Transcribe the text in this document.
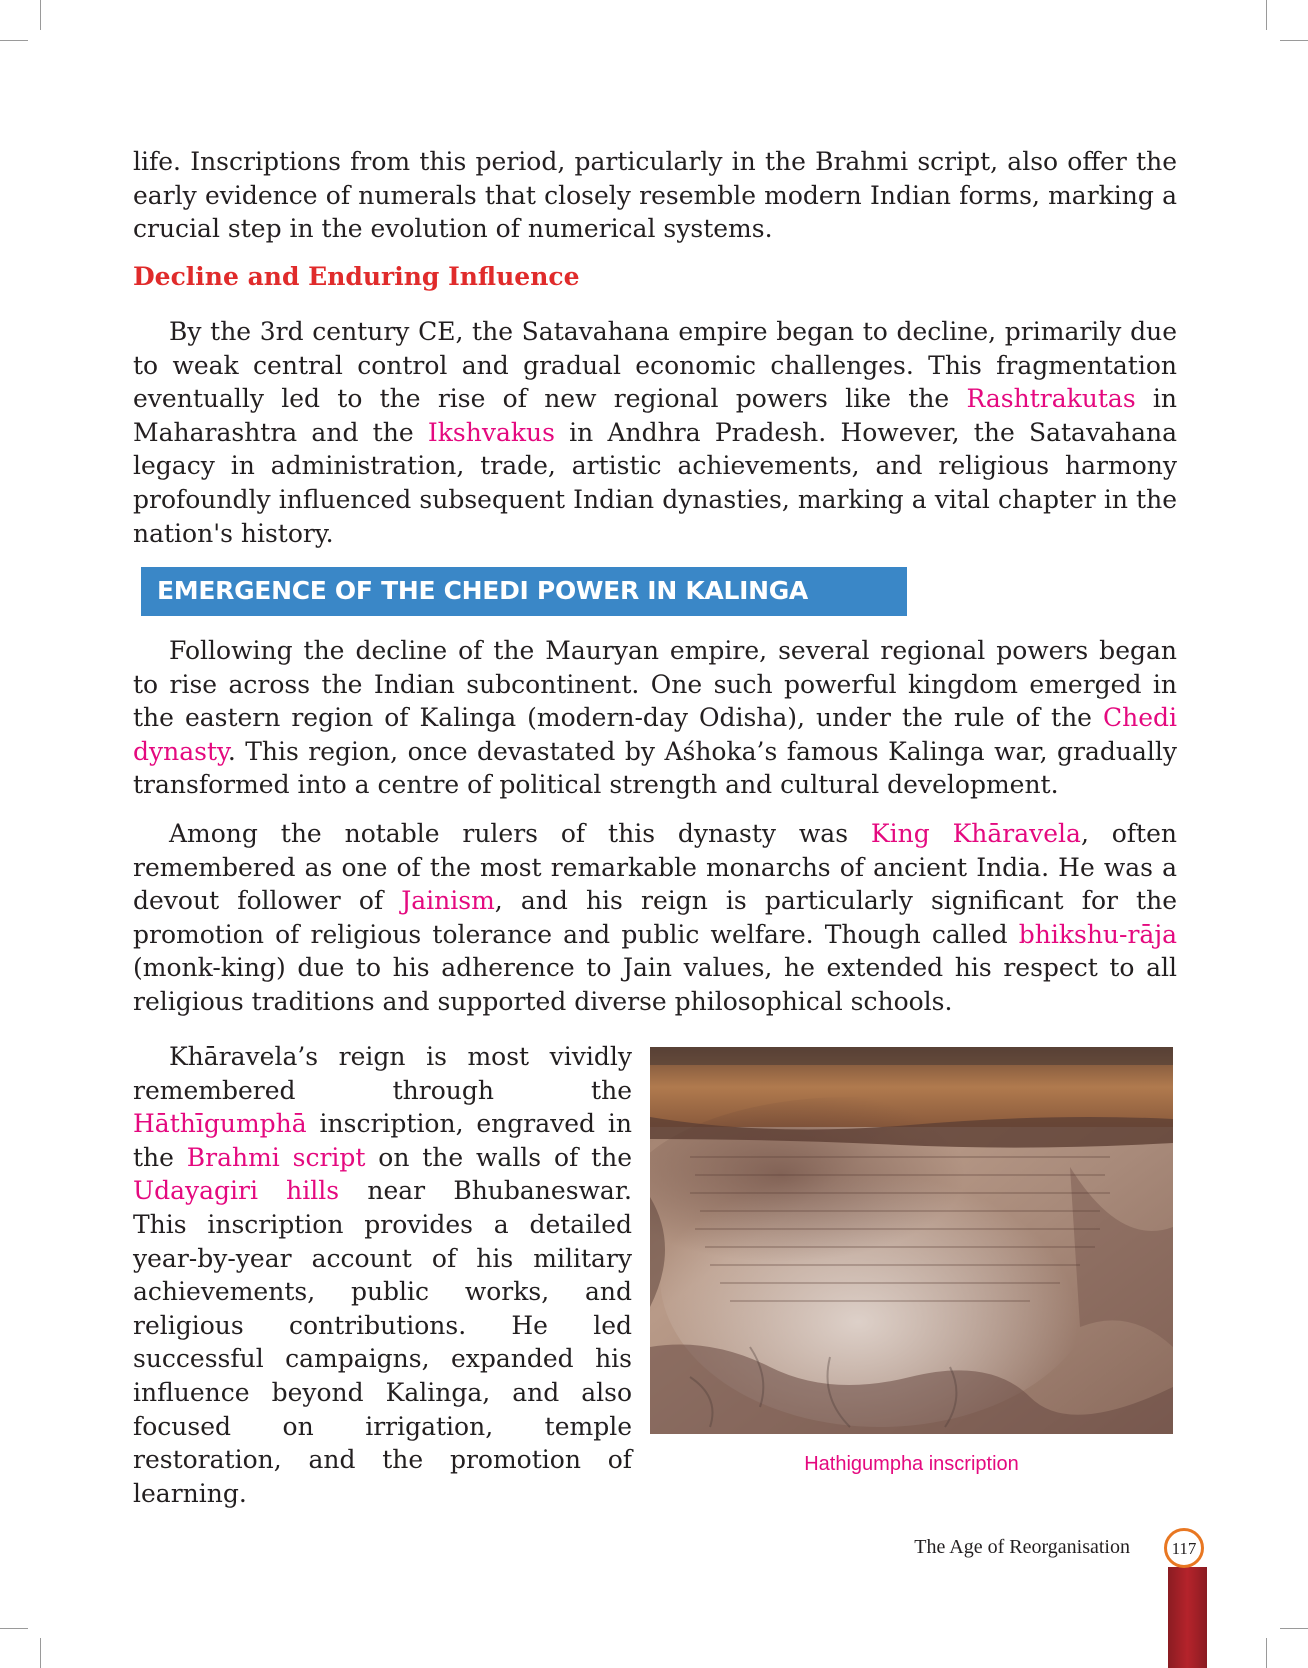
life. Inscriptions from this period, particularly in the Brahmi script, also offer the early evidence of numerals that closely resemble modern Indian forms, marking a crucial step in the evolution of numerical systems.

Decline and Enduring Influence

By the 3rd century CE, the Satavahana empire began to decline, primarily due to weak central control and gradual economic challenges. This fragmentation eventually led to the rise of new regional powers like the Rashtrakutas in Maharashtra and the Ikshvakus in Andhra Pradesh. However, the Satavahana legacy in administration, trade, artistic achievements, and religious harmony profoundly influenced subsequent Indian dynasties, marking a vital chapter in the nation's history.

EMERGENCE OF THE CHEDI POWER IN KALINGA

Following the decline of the Mauryan empire, several regional powers began to rise across the Indian subcontinent. One such powerful kingdom emerged in the eastern region of Kalinga (modern-day Odisha), under the rule of the Chedi dynasty. This region, once devastated by Aśhoka’s famous Kalinga war, gradually transformed into a centre of political strength and cultural development.

Among the notable rulers of this dynasty was King Khāravela, often remembered as one of the most remarkable monarchs of ancient India. He was a devout follower of Jainism, and his reign is particularly significant for the promotion of religious tolerance and public welfare. Though called bhikshu-rāja (monk-king) due to his adherence to Jain values, he extended his respect to all religious traditions and supported diverse philosophical schools.

Khāravela’s reign is most vividly remembered through the Hāthīgumphā inscription, engraved in the Brahmi script on the walls of the Udayagiri hills near Bhubaneswar. This inscription provides a detailed year-by-year account of his military achievements, public works, and religious contributions. He led successful campaigns, expanded his influence beyond Kalinga, and also focused on irrigation, temple restoration, and the promotion of learning.

Hathigumpha inscription
The Age of Reorganisation 117
